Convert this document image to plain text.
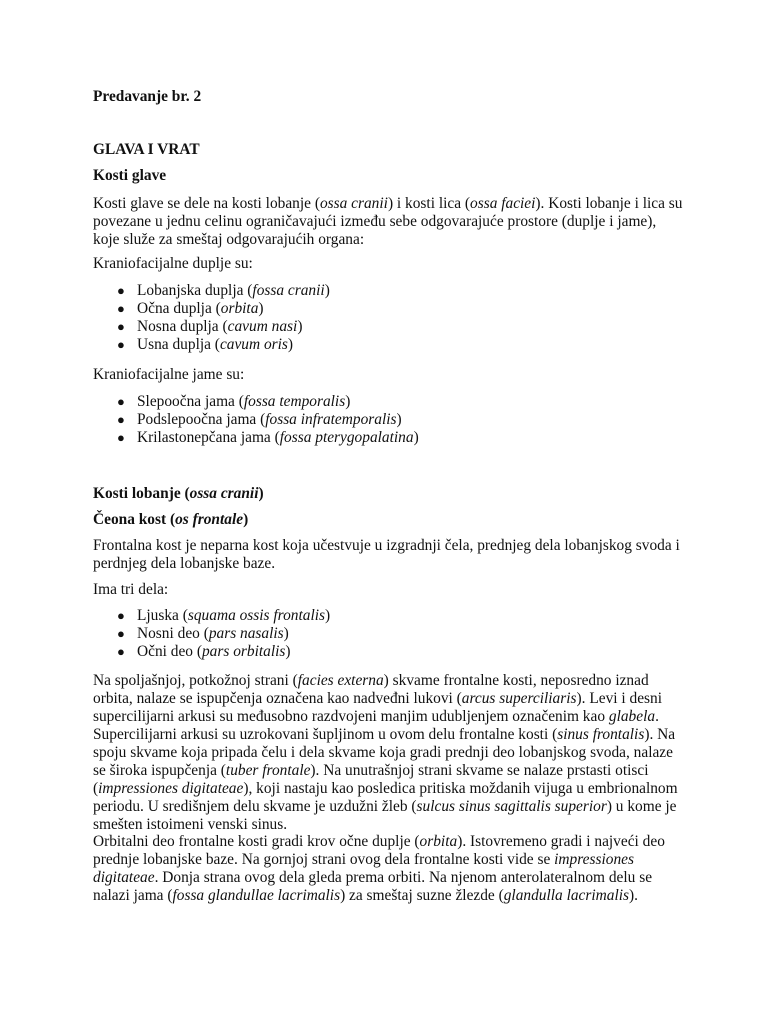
Predavanje br. 2

GLAVA I VRAT

Kosti glave

Kosti glave se dele na kosti lobanje (ossa cranii) i kosti lica (ossa faciei). Kosti lobanje i lica su povezane u jednu celinu ograničavajući između sebe odgovarajuće prostore (duplje i jame), koje služe za smeštaj odgovarajućih organa:

Kraniofacijalne duplje su:

● Lobanjska duplja (fossa cranii)
● Očna duplja (orbita)
● Nosna duplja (cavum nasi)
● Usna duplja (cavum oris)

Kraniofacijalne jame su:

● Slepoočna jama (fossa temporalis)
● Podslepoočna jama (fossa infratemporalis)
● Krilastonepčana jama (fossa pterygopalatina)

Kosti lobanje (ossa cranii)

Čeona kost (os frontale)

Frontalna kost je neparna kost koja učestvuje u izgradnji čela, prednjeg dela lobanjskog svoda i perdnjeg dela lobanjske baze.

Ima tri dela:

● Ljuska (squama ossis frontalis)
● Nosni deo (pars nasalis)
● Očni deo (pars orbitalis)

Na spoljašnjoj, potkožnoj strani (facies externa) skvame frontalne kosti, neposredno iznad orbita, nalaze se ispupčenja označena kao nadveđni lukovi (arcus superciliaris). Levi i desni supercilijarni arkusi su međusobno razdvojeni manjim udubljenjem označenim kao glabela. Supercilijarni arkusi su uzrokovani šupljinom u ovom delu frontalne kosti (sinus frontalis). Na spoju skvame koja pripada čelu i dela skvame koja gradi prednji deo lobanjskog svoda, nalaze se široka ispupčenja (tuber frontale). Na unutrašnjoj strani skvame se nalaze prstasti otisci (impressiones digitateae), koji nastaju kao posledica pritiska moždanih vijuga u embrionalnom periodu. U središnjem delu skvame je uzdužni žleb (sulcus sinus sagittalis superior) u kome je smešten istoimeni venski sinus.

Orbitalni deo frontalne kosti gradi krov očne duplje (orbita). Istovremeno gradi i najveći deo prednje lobanjske baze. Na gornjoj strani ovog dela frontalne kosti vide se impressiones digitateae. Donja strana ovog dela gleda prema orbiti. Na njenom anterolateralnom delu se nalazi jama (fossa glandullae lacrimalis) za smeštaj suzne žlezde (glandulla lacrimalis).
